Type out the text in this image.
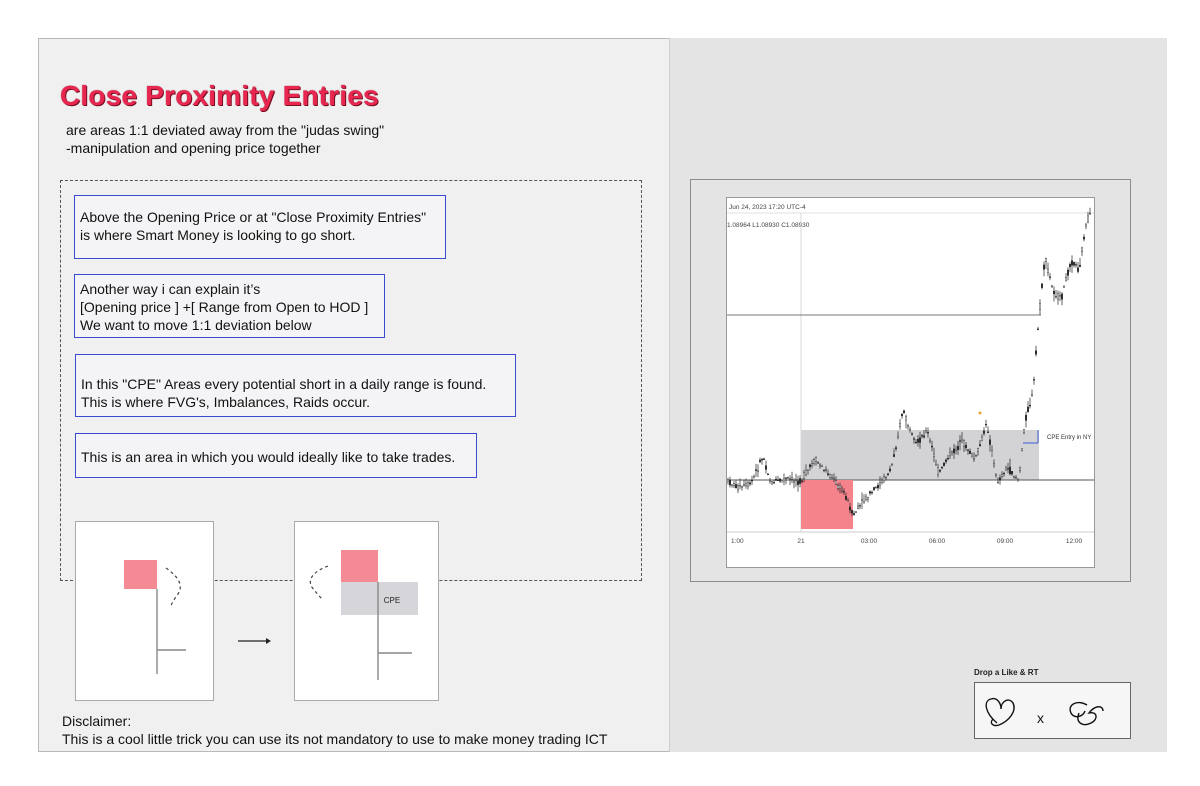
Close Proximity Entries
are areas 1:1 deviated away from the "judas swing"
-manipulation and opening price together
Above the Opening Price or at "Close Proximity Entries"
is where Smart Money is looking to go short.
Another way i can explain it’s
[Opening price ] +[ Range from Open to HOD ]
We want to move 1:1 deviation below
In this "CPE" Areas every potential short in a daily range is found.
This is where FVG's, Imbalances, Raids occur.
This is an area in which you would ideally like to take trades.
CPE
Disclaimer:
This is a cool little trick you can use its not mandatory to use to make money trading ICT
Jun 24, 2023 17:20 UTC-4
1.08964 L1.08930 C1.08930
CPE Entry in NY
1:00	21	03:00	06:00	09:00	12:00
Drop a Like & RT
x
